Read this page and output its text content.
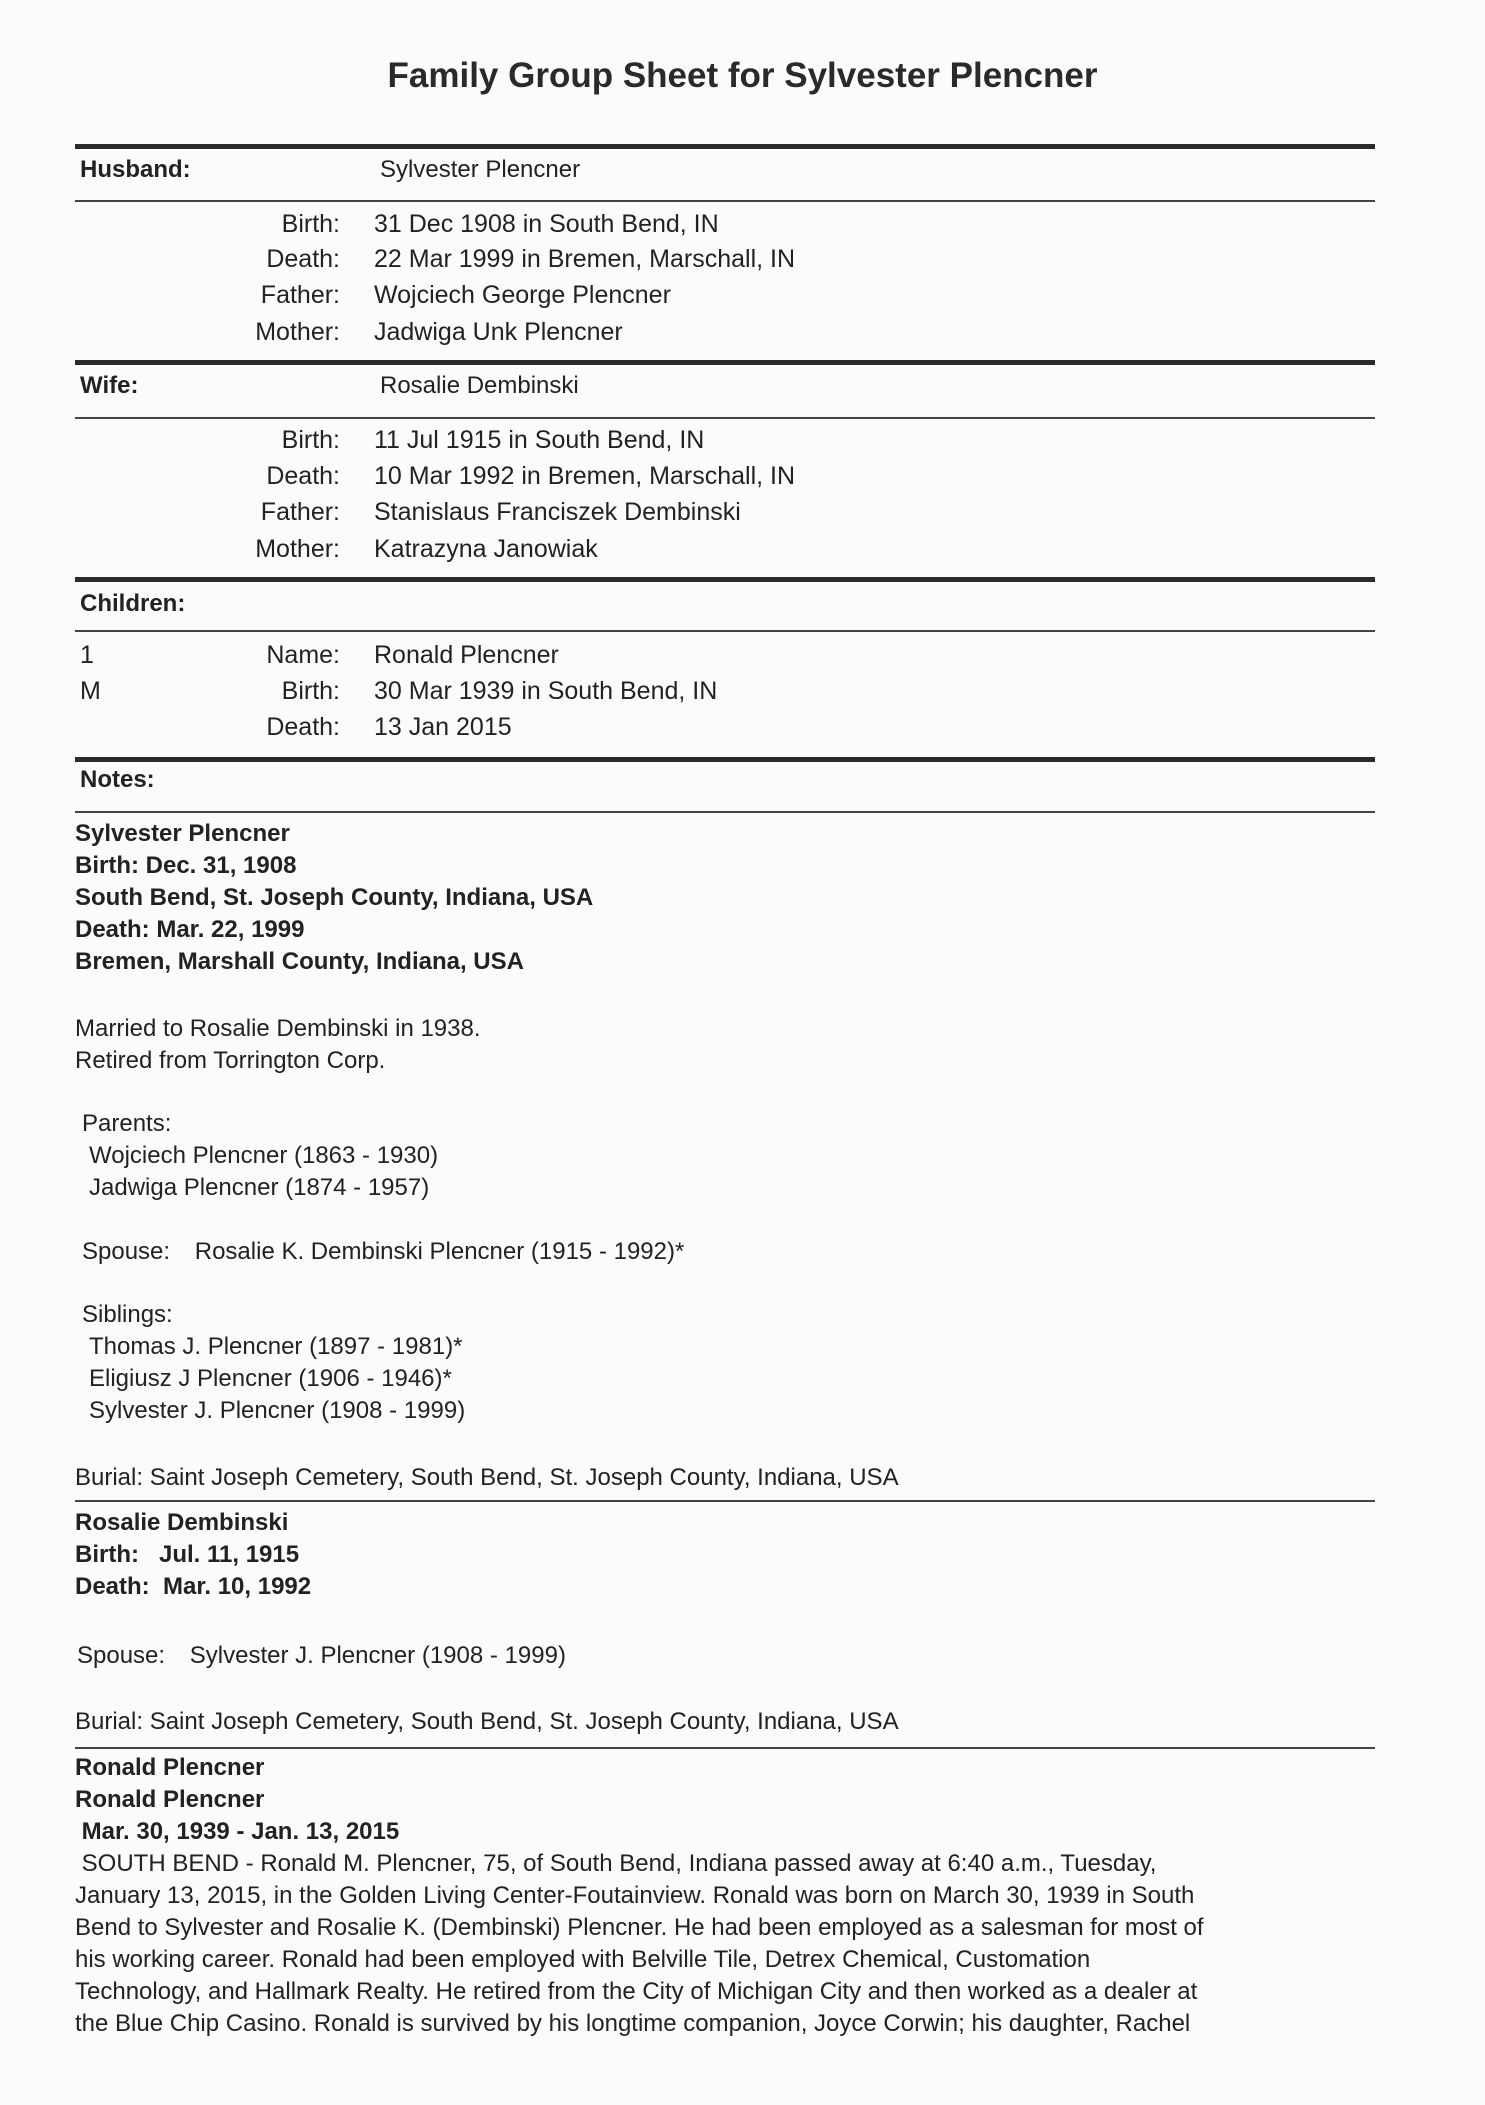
Family Group Sheet for Sylvester Plencner
Husband:	Sylvester Plencner
Birth: 31 Dec 1908 in South Bend, IN
Death: 22 Mar 1999 in Bremen, Marschall, IN
Father: Wojciech George Plencner
Mother: Jadwiga Unk Plencner
Wife:	Rosalie Dembinski
Birth: 11 Jul 1915 in South Bend, IN
Death: 10 Mar 1992 in Bremen, Marschall, IN
Father: Stanislaus Franciszek Dembinski
Mother: Katrazyna Janowiak
Children:
1
M
Name: Ronald Plencner
Birth: 30 Mar 1939 in South Bend, IN
Death: 13 Jan 2015
Notes:
Sylvester Plencner
Birth: Dec. 31, 1908
South Bend, St. Joseph County, Indiana, USA
Death: Mar. 22, 1999
Bremen, Marshall County, Indiana, USA
Married to Rosalie Dembinski in 1938.
Retired from Torrington Corp.
Parents:
Wojciech Plencner (1863 - 1930)
Jadwiga Plencner (1874 - 1957)
Spouse: Rosalie K. Dembinski Plencner (1915 - 1992)*
Siblings:
Thomas J. Plencner (1897 - 1981)*
Eligiusz J Plencner (1906 - 1946)*
Sylvester J. Plencner (1908 - 1999)
Burial: Saint Joseph Cemetery, South Bend, St. Joseph County, Indiana, USA
Rosalie Dembinski
Birth:   Jul. 11, 1915
Death:  Mar. 10, 1992
Spouse: Sylvester J. Plencner (1908 - 1999)
Burial: Saint Joseph Cemetery, South Bend, St. Joseph County, Indiana, USA
Ronald Plencner
Ronald Plencner
Mar. 30, 1939 - Jan. 13, 2015
SOUTH BEND - Ronald M. Plencner, 75, of South Bend, Indiana passed away at 6:40 a.m., Tuesday,
January 13, 2015, in the Golden Living Center-Foutainview. Ronald was born on March 30, 1939 in South
Bend to Sylvester and Rosalie K. (Dembinski) Plencner. He had been employed as a salesman for most of
his working career. Ronald had been employed with Belville Tile, Detrex Chemical, Customation
Technology, and Hallmark Realty. He retired from the City of Michigan City and then worked as a dealer at
the Blue Chip Casino. Ronald is survived by his longtime companion, Joyce Corwin; his daughter, Rachel
